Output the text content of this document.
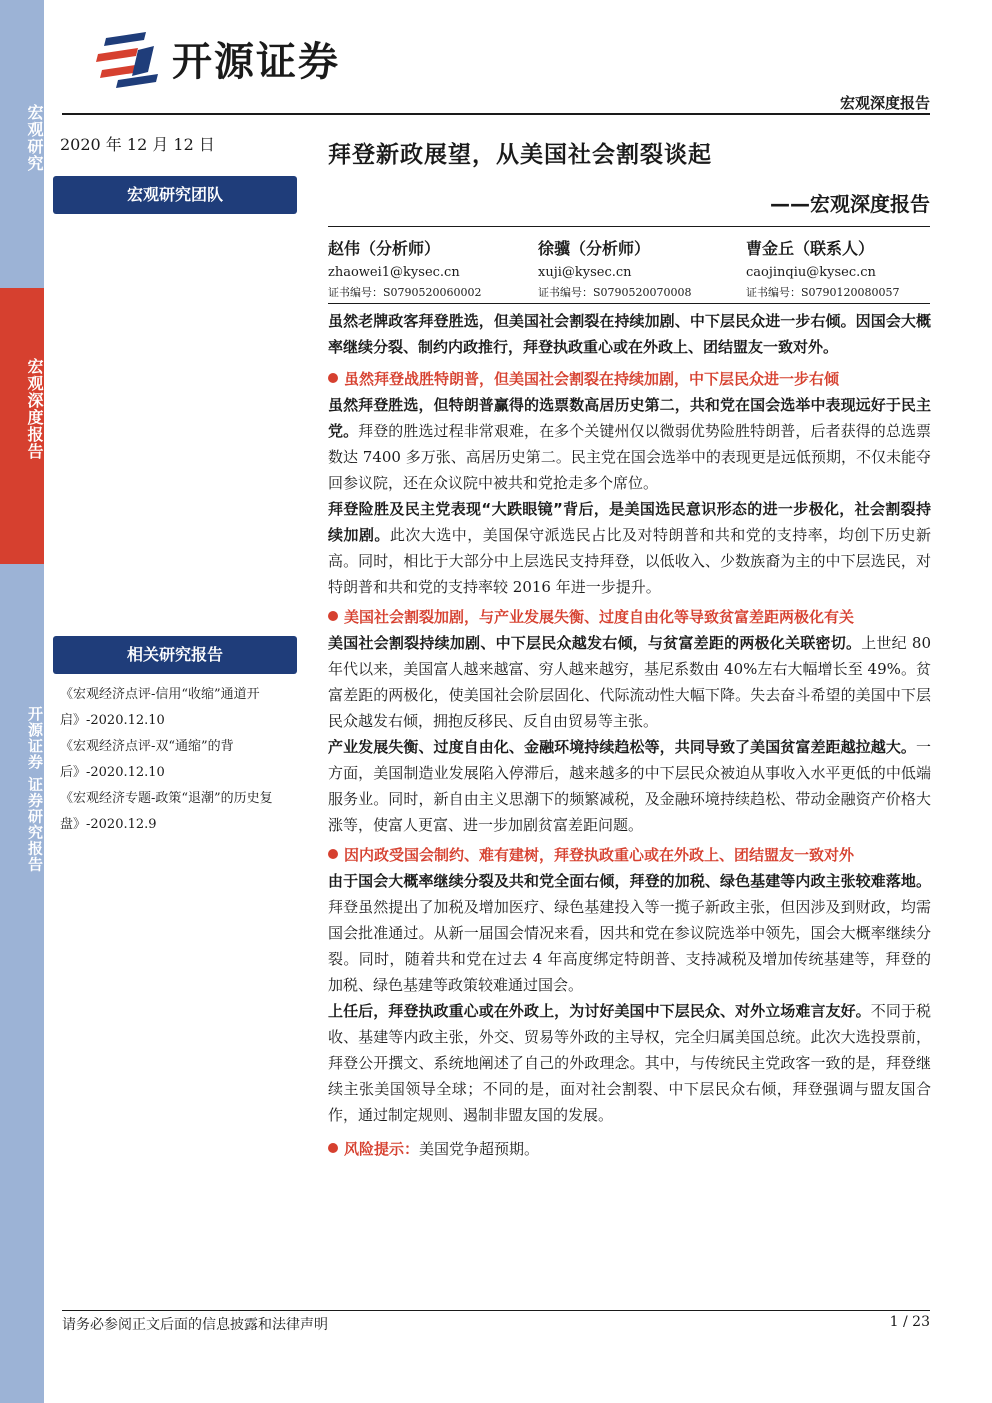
宏观研究
宏观深度报告
开源证券 证券研究报告
开源证券
宏观深度报告
2020 年 12 月 12 日
宏观研究团队
相关研究报告

《宏观经济点评-信用“收缩”通道开启》-2020.12.10

《宏观经济点评-双“通缩”的背后》-2020.12.10

《宏观经济专题-政策“退潮”的历史复盘》-2020.12.9

拜登新政展望，从美国社会割裂谈起
——宏观深度报告
赵伟（分析师）
zhaowei1@kysec.cn
证书编号：S0790520060002
徐骥（分析师）
xuji@kysec.cn
证书编号：S0790520070008
曹金丘（联系人）
caojinqiu@kysec.cn
证书编号：S0790120080057

虽然老牌政客拜登胜选，但美国社会割裂在持续加剧、中下层民众进一步右倾。因国会大概率继续分裂、制约内政推行，拜登执政重心或在外政上、团结盟友一致对外。

虽然拜登战胜特朗普，但美国社会割裂在持续加剧，中下层民众进一步右倾

虽然拜登胜选，但特朗普赢得的选票数高居历史第二，共和党在国会选举中表现远好于民主党。拜登的胜选过程非常艰难，在多个关键州仅以微弱优势险胜特朗普，后者获得的总选票数达 7400 多万张、高居历史第二。民主党在国会选举中的表现更是远低预期，不仅未能夺回参议院，还在众议院中被共和党抢走多个席位。

拜登险胜及民主党表现“大跌眼镜”背后，是美国选民意识形态的进一步极化，社会割裂持续加剧。此次大选中，美国保守派选民占比及对特朗普和共和党的支持率，均创下历史新高。同时，相比于大部分中上层选民支持拜登，以低收入、少数族裔为主的中下层选民，对特朗普和共和党的支持率较 2016 年进一步提升。

美国社会割裂加剧，与产业发展失衡、过度自由化等导致贫富差距两极化有关

美国社会割裂持续加剧、中下层民众越发右倾，与贫富差距的两极化关联密切。上世纪 80 年代以来，美国富人越来越富、穷人越来越穷，基尼系数由 40%左右大幅增长至 49%。贫富差距的两极化，使美国社会阶层固化、代际流动性大幅下降。失去奋斗希望的美国中下层民众越发右倾，拥抱反移民、反自由贸易等主张。

产业发展失衡、过度自由化、金融环境持续趋松等，共同导致了美国贫富差距越拉越大。一方面，美国制造业发展陷入停滞后，越来越多的中下层民众被迫从事收入水平更低的中低端服务业。同时，新自由主义思潮下的频繁减税，及金融环境持续趋松、带动金融资产价格大涨等，使富人更富、进一步加剧贫富差距问题。

因内政受国会制约、难有建树，拜登执政重心或在外政上、团结盟友一致对外

由于国会大概率继续分裂及共和党全面右倾，拜登的加税、绿色基建等内政主张较难落地。拜登虽然提出了加税及增加医疗、绿色基建投入等一揽子新政主张，但因涉及到财政，均需国会批准通过。从新一届国会情况来看，因共和党在参议院选举中领先，国会大概率继续分裂。同时，随着共和党在过去 4 年高度绑定特朗普、支持减税及增加传统基建等，拜登的加税、绿色基建等政策较难通过国会。

上任后，拜登执政重心或在外政上，为讨好美国中下层民众、对外立场难言友好。不同于税收、基建等内政主张，外交、贸易等外政的主导权，完全归属美国总统。此次大选投票前，拜登公开撰文、系统地阐述了自己的外政理念。其中，与传统民主党政客一致的是，拜登继续主张美国领导全球；不同的是，面对社会割裂、中下层民众右倾，拜登强调与盟友国合作，通过制定规则、遏制非盟友国的发展。

风险提示：美国党争超预期。

请务必参阅正文后面的信息披露和法律声明	1 / 23
